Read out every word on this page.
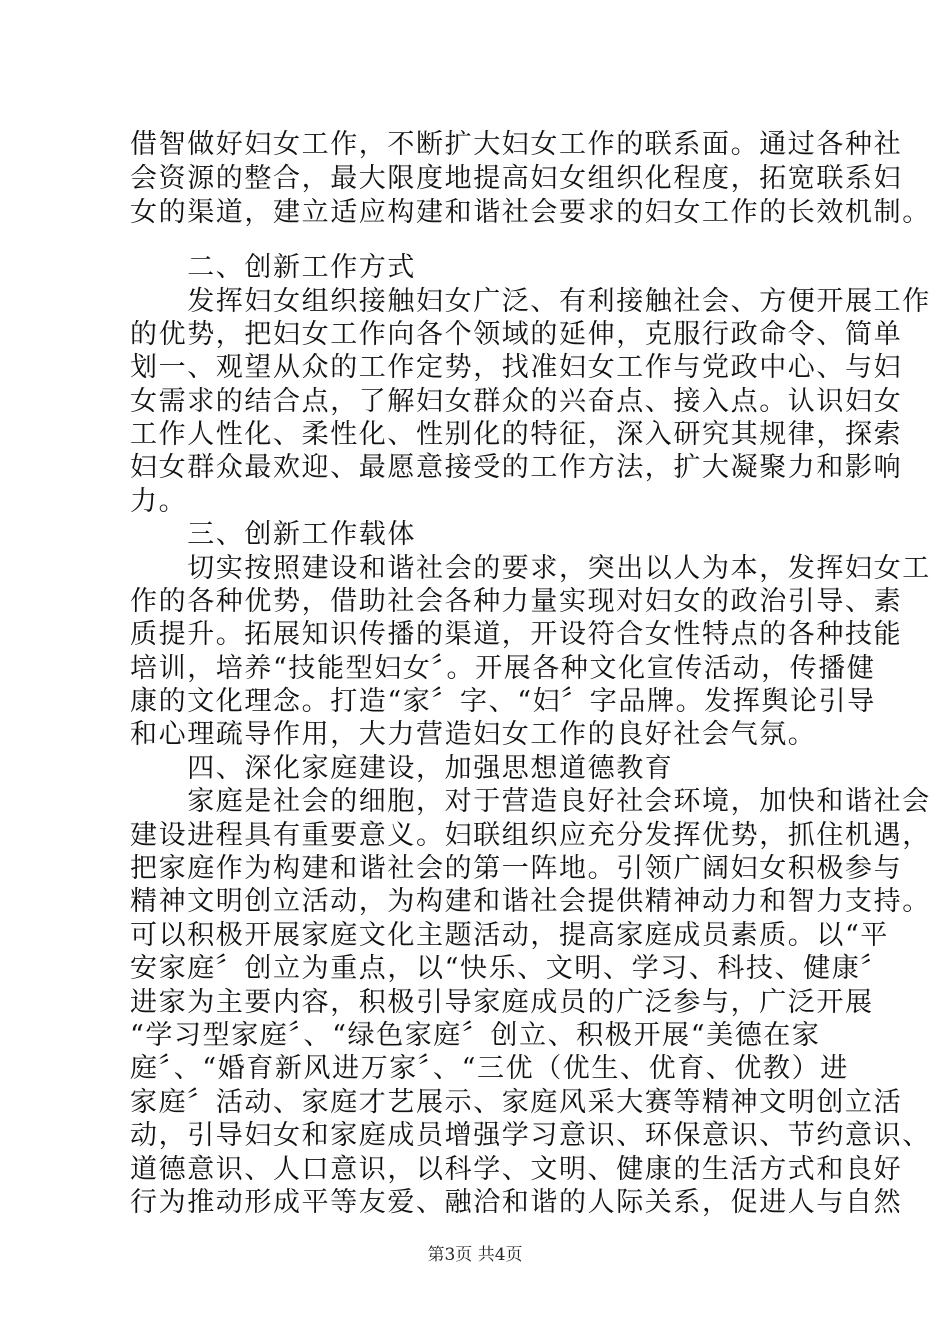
借智做好妇女工作，不断扩大妇女工作的联系面。通过各种社
会资源的整合，最大限度地提高妇女组织化程度，拓宽联系妇
女的渠道，建立适应构建和谐社会要求的妇女工作的长效机制。
　　二、创新工作方式
　　发挥妇女组织接触妇女广泛、有利接触社会、方便开展工作
的优势，把妇女工作向各个领域的延伸，克服行政命令、简单
划一、观望从众的工作定势，找准妇女工作与党政中心、与妇
女需求的结合点，了解妇女群众的兴奋点、接入点。认识妇女
工作人性化、柔性化、性别化的特征，深入研究其规律，探索
妇女群众最欢迎、最愿意接受的工作方法，扩大凝聚力和影响
力。
　　三、创新工作载体
　　切实按照建设和谐社会的要求，突出以人为本，发挥妇女工
作的各种优势，借助社会各种力量实现对妇女的政治引导、素
质提升。拓展知识传播的渠道，开设符合女性特点的各种技能
培训，培养“技能型妇女〞。开展各种文化宣传活动，传播健
康的文化理念。打造“家〞字、“妇〞字品牌。发挥舆论引导
和心理疏导作用，大力营造妇女工作的良好社会气氛。
　　四、深化家庭建设，加强思想道德教育
　　家庭是社会的细胞，对于营造良好社会环境，加快和谐社会
建设进程具有重要意义。妇联组织应充分发挥优势，抓住机遇，
把家庭作为构建和谐社会的第一阵地。引领广阔妇女积极参与
精神文明创立活动，为构建和谐社会提供精神动力和智力支持。
可以积极开展家庭文化主题活动，提高家庭成员素质。以“平
安家庭〞创立为重点，以“快乐、文明、学习、科技、健康〞
进家为主要内容，积极引导家庭成员的广泛参与，广泛开展
“学习型家庭〞、“绿色家庭〞创立、积极开展“美德在家
庭〞、“婚育新风进万家〞、“三优（优生、优育、优教）进
家庭〞活动、家庭才艺展示、家庭风采大赛等精神文明创立活
动，引导妇女和家庭成员增强学习意识、环保意识、节约意识、
道德意识、人口意识，以科学、文明、健康的生活方式和良好
行为推动形成平等友爱、融洽和谐的人际关系，促进人与自然
第3页 共4页
